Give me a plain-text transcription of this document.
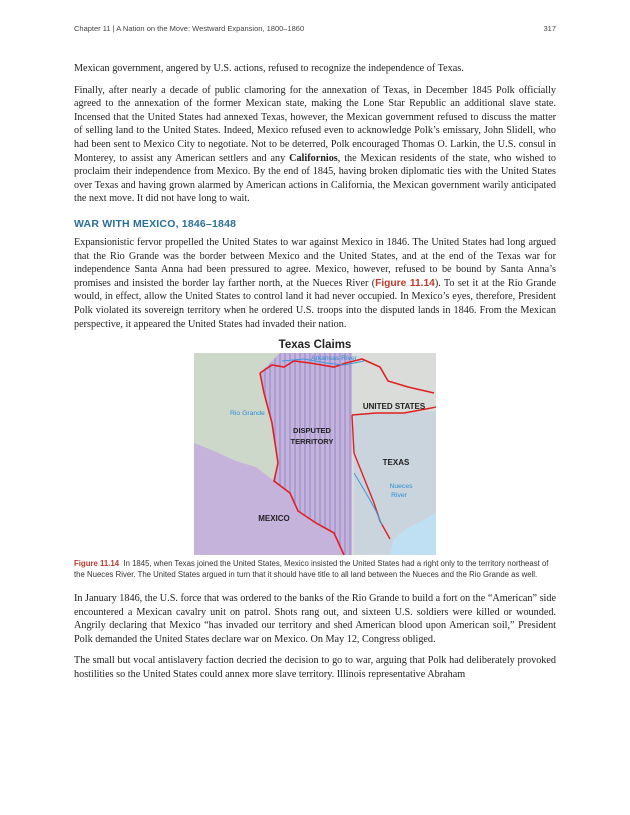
Chapter 11 | A Nation on the Move: Westward Expansion, 1800–1860	317

Mexican government, angered by U.S. actions, refused to recognize the independence of Texas.

Finally, after nearly a decade of public clamoring for the annexation of Texas, in December 1845 Polk officially agreed to the annexation of the former Mexican state, making the Lone Star Republic an additional slave state. Incensed that the United States had annexed Texas, however, the Mexican government refused to discuss the matter of selling land to the United States. Indeed, Mexico refused even to acknowledge Polk’s emissary, John Slidell, who had been sent to Mexico City to negotiate. Not to be deterred, Polk encouraged Thomas O. Larkin, the U.S. consul in Monterey, to assist any American settlers and any Californios, the Mexican residents of the state, who wished to proclaim their independence from Mexico. By the end of 1845, having broken diplomatic ties with the United States over Texas and having grown alarmed by American actions in California, the Mexican government warily anticipated the next move. It did not have long to wait.

WAR WITH MEXICO, 1846–1848

Expansionistic fervor propelled the United States to war against Mexico in 1846. The United States had long argued that the Rio Grande was the border between Mexico and the United States, and at the end of the Texas war for independence Santa Anna had been pressured to agree. Mexico, however, refused to be bound by Santa Anna’s promises and insisted the border lay farther north, at the Nueces River (Figure 11.14). To set it at the Rio Grande would, in effect, allow the United States to control land it had never occupied. In Mexico’s eyes, therefore, President Polk violated its sovereign territory when he ordered U.S. troops into the disputed lands in 1846. From the Mexican perspective, it appeared the United States had invaded their nation.

Texas Claims
Arkansas River
Rio Grande
UNITED STATES
DISPUTED
TERRITORY
TEXAS
Nueces
River
MEXICO
Figure 11.14 In 1845, when Texas joined the United States, Mexico insisted the United States had a right only to the territory northeast of the Nueces River. The United States argued in turn that it should have title to all land between the Nueces and the Rio Grande as well.

In January 1846, the U.S. force that was ordered to the banks of the Rio Grande to build a fort on the “American” side encountered a Mexican cavalry unit on patrol. Shots rang out, and sixteen U.S. soldiers were killed or wounded. Angrily declaring that Mexico “has invaded our territory and shed American blood upon American soil,” President Polk demanded the United States declare war on Mexico. On May 12, Congress obliged.

The small but vocal antislavery faction decried the decision to go to war, arguing that Polk had deliberately provoked hostilities so the United States could annex more slave territory. Illinois representative Abraham
